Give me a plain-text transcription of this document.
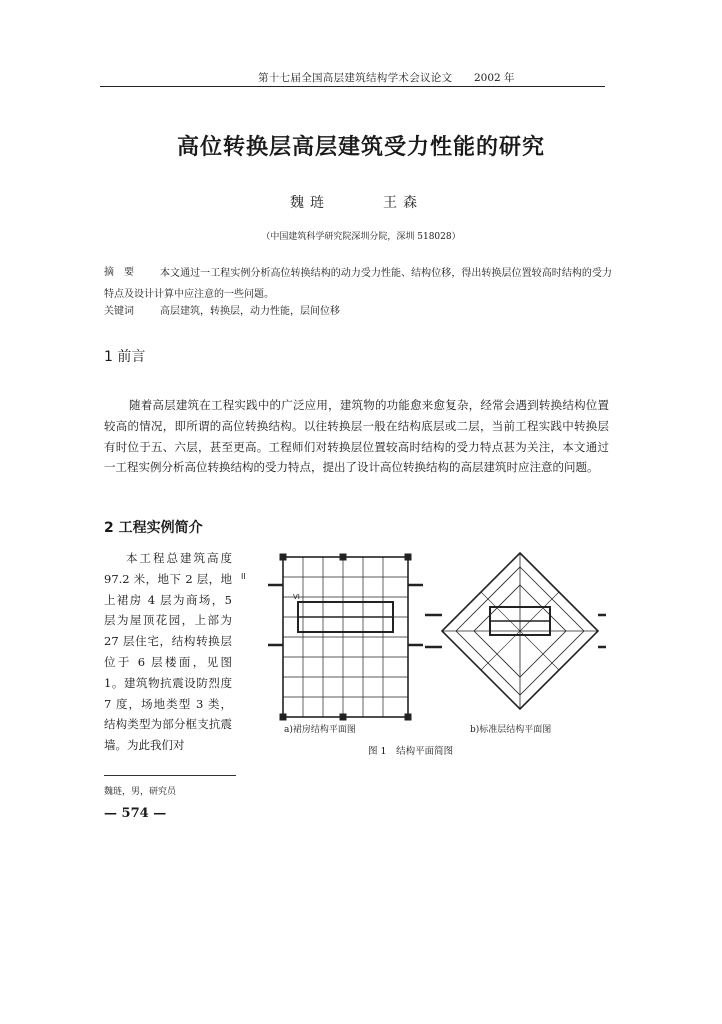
第十七届全国高层建筑结构学术会议论文 2002 年
高位转换层高层建筑受力性能的研究
魏琏	王森
（中国建筑科学研究院深圳分院，深圳 518028）
摘　要	本文通过一工程实例分析高位转换结构的动力受力性能、结构位移，得出转换层位置较高时结构的受力特点及设计计算中应注意的一些问题。
关键词	高层建筑，转换层，动力性能，层间位移
1 前言
随着高层建筑在工程实践中的广泛应用，建筑物的功能愈来愈复杂，经常会遇到转换结构位置较高的情况，即所谓的高位转换结构。以往转换层一般在结构底层或二层，当前工程实践中转换层有时位于五、六层，甚至更高。工程师们对转换层位置较高时结构的受力特点甚为关注，本文通过一工程实例分析高位转换结构的受力特点，提出了设计高位转换结构的高层建筑时应注意的问题。
2 工程实例简介
本工程总建筑高度 97.2 米，地下 2 层，地上裙房 4 层为商场，5 层为屋顶花园，上部为 27 层住宅，结构转换层位于 6 层楼面，见图 1。建筑物抗震设防烈度 7 度，场地类型 3 类，结构类型为部分框支抗震墙。为此我们对
II
VI
a)裙房结构平面图	b)标准层结构平面图
图 1　结构平面简图
魏琏，男，研究员
— 574 —
